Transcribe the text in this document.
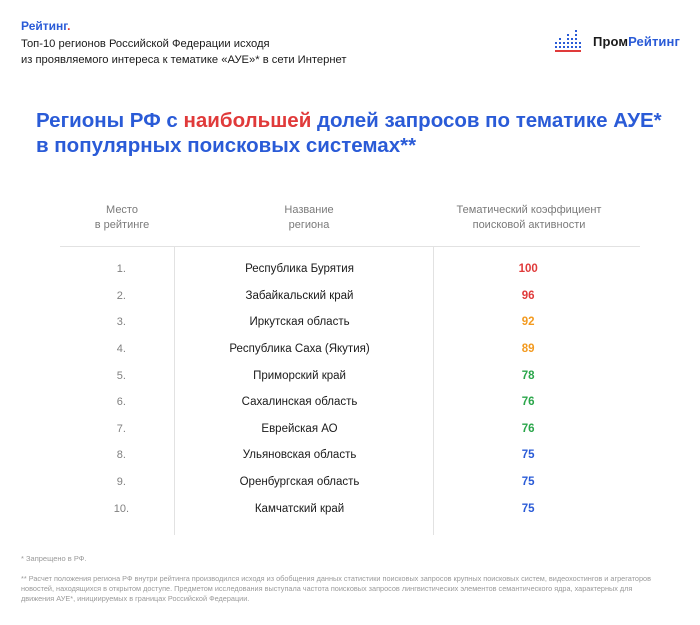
Рейтинг.
Топ-10 регионов Российской Федерации исходя
из проявляемого интереса к тематике «АУЕ»* в сети Интернет
ПромРейтинг
Регионы РФ с наибольшей долей запросов по тематике АУЕ* в популярных поисковых системах**
Место
в рейтинге
Название
региона
Тематический коэффициент
поисковой активности
1.	Республика Бурятия	100
2.	Забайкальский край	96
3.	Иркутская область	92
4.	Республика Саха (Якутия)	89
5.	Приморский край	78
6.	Сахалинская область	76
7.	Еврейская АО	76
8.	Ульяновская область	75
9.	Оренбургская область	75
10.	Камчатский край	75
* Запрещено в РФ.
** Расчет положения региона РФ внутри рейтинга производился исходя из обобщения данных статистики поисковых запросов крупных поисковых систем, видеохостингов и агрегаторов новостей, находящихся в открытом доступе. Предметом исследования выступала частота поисковых запросов лингвистических элементов семантического ядра, характерных для движения АУЕ*, инициируемых в границах Российской Федерации.
